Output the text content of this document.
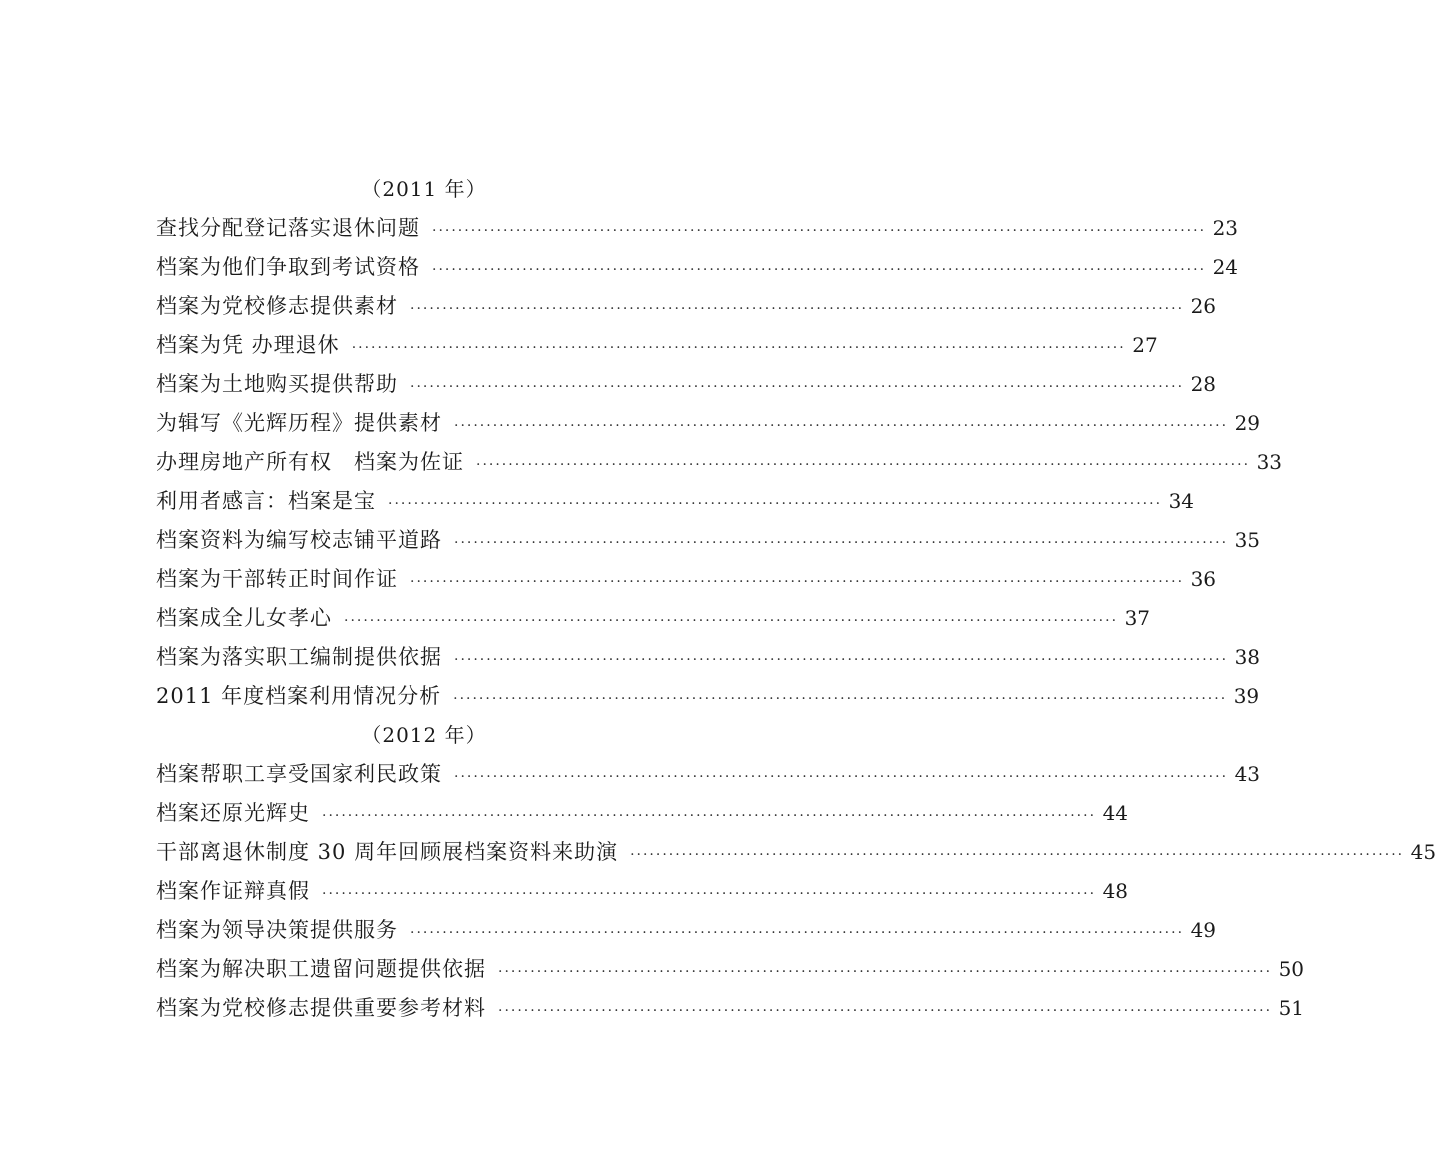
（2011 年）
查找分配登记落实退休问题 ························································································································ 23
档案为他们争取到考试资格 ························································································································ 24
档案为党校修志提供素材 ························································································································ 26
档案为凭 办理退休 ························································································································ 27
档案为土地购买提供帮助 ························································································································ 28
为辑写《光辉历程》提供素材 ························································································································ 29
办理房地产所有权　档案为佐证 ························································································································ 33
利用者感言：档案是宝 ························································································································ 34
档案资料为编写校志铺平道路 ························································································································ 35
档案为干部转正时间作证 ························································································································ 36
档案成全儿女孝心 ························································································································ 37
档案为落实职工编制提供依据 ························································································································ 38
2011 年度档案利用情况分析 ························································································································ 39
（2012 年）
档案帮职工享受国家利民政策 ························································································································ 43
档案还原光辉史 ························································································································ 44
干部离退休制度 30 周年回顾展档案资料来助演 ························································································································ 45
档案作证辩真假 ························································································································ 48
档案为领导决策提供服务 ························································································································ 49
档案为解决职工遗留问题提供依据 ························································································································ 50
档案为党校修志提供重要参考材料 ························································································································ 51
